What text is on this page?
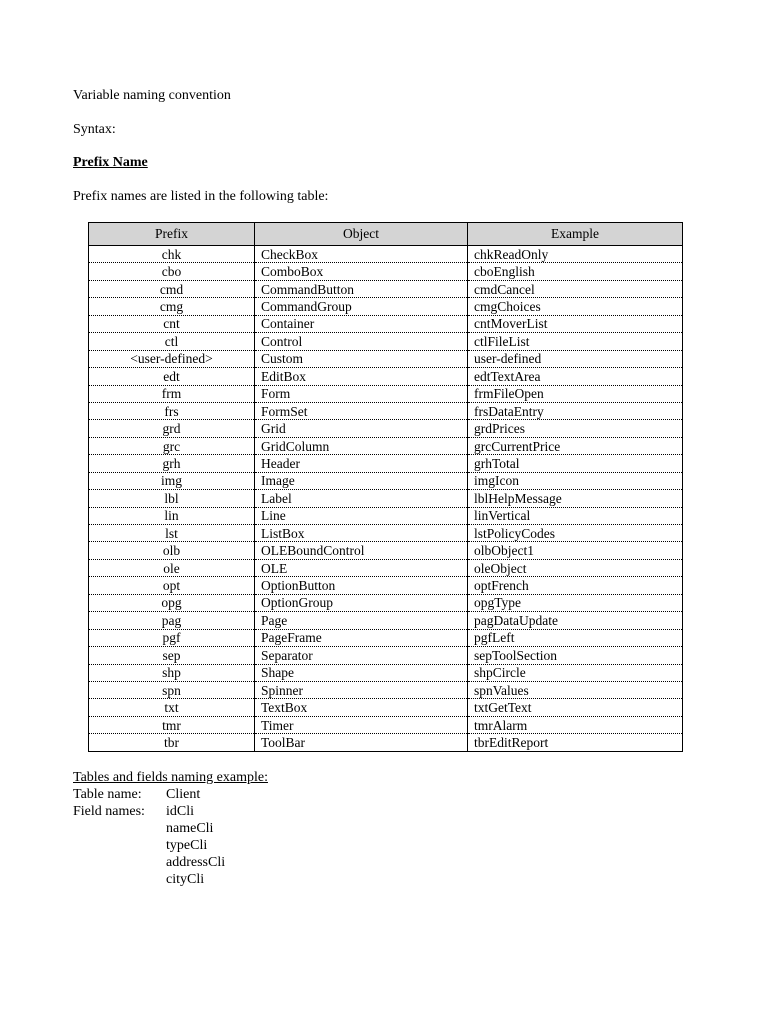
Variable naming convention
Syntax:
Prefix Name
Prefix names are listed in the following table:
Prefix	Object	Example
chk	CheckBox	chkReadOnly
cbo	ComboBox	cboEnglish
cmd	CommandButton	cmdCancel
cmg	CommandGroup	cmgChoices
cnt	Container	cntMoverList
ctl	Control	ctlFileList
<user-defined>	Custom	user-defined
edt	EditBox	edtTextArea
frm	Form	frmFileOpen
frs	FormSet	frsDataEntry
grd	Grid	grdPrices
grc	GridColumn	grcCurrentPrice
grh	Header	grhTotal
img	Image	imgIcon
lbl	Label	lblHelpMessage
lin	Line	linVertical
lst	ListBox	lstPolicyCodes
olb	OLEBoundControl	olbObject1
ole	OLE	oleObject
opt	OptionButton	optFrench
opg	OptionGroup	opgType
pag	Page	pagDataUpdate
pgf	PageFrame	pgfLeft
sep	Separator	sepToolSection
shp	Shape	shpCircle
spn	Spinner	spnValues
txt	TextBox	txtGetText
tmr	Timer	tmrAlarm
tbr	ToolBar	tbrEditReport
Tables and fields naming example:
Table name: Client
Field names: idCli
nameCli
typeCli
addressCli
cityCli
